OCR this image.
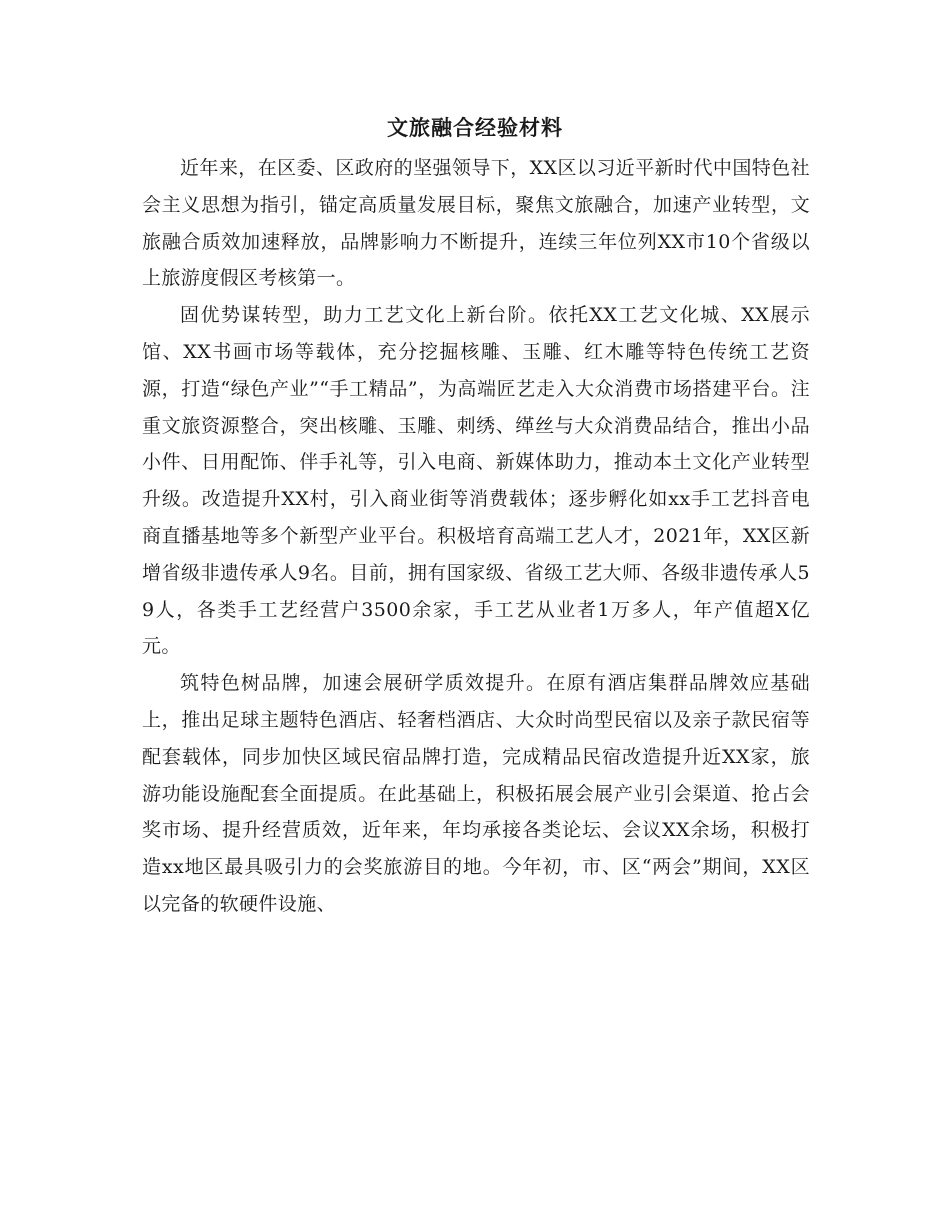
文旅融合经验材料

近年来，在区委、区政府的坚强领导下，XX区以习近平新时代中国特色社会主义思想为指引，锚定高质量发展目标，聚焦文旅融合，加速产业转型，文旅融合质效加速释放，品牌影响力不断提升，连续三年位列XX市10个省级以上旅游度假区考核第一。

固优势谋转型，助力工艺文化上新台阶。依托XX工艺文化城、XX展示馆、XX书画市场等载体，充分挖掘核雕、玉雕、红木雕等特色传统工艺资源，打造“绿色产业”“手工精品”，为高端匠艺走入大众消费市场搭建平台。注重文旅资源整合，突出核雕、玉雕、刺绣、缂丝与大众消费品结合，推出小品小件、日用配饰、伴手礼等，引入电商、新媒体助力，推动本土文化产业转型升级。改造提升XX村，引入商业街等消费载体；逐步孵化如xx手工艺抖音电商直播基地等多个新型产业平台。积极培育高端工艺人才，2021年，XX区新增省级非遗传承人9名。目前，拥有国家级、省级工艺大师、各级非遗传承人59人，各类手工艺经营户3500余家，手工艺从业者1万多人，年产值超X亿元。

筑特色树品牌，加速会展研学质效提升。在原有酒店集群品牌效应基础上，推出足球主题特色酒店、轻奢档酒店、大众时尚型民宿以及亲子款民宿等配套载体，同步加快区域民宿品牌打造，完成精品民宿改造提升近XX家，旅游功能设施配套全面提质。在此基础上，积极拓展会展产业引会渠道、抢占会奖市场、提升经营质效，近年来，年均承接各类论坛、会议XX余场，积极打造xx地区最具吸引力的会奖旅游目的地。今年初，市、区“两会”期间，XX区以完备的软硬件设施、
